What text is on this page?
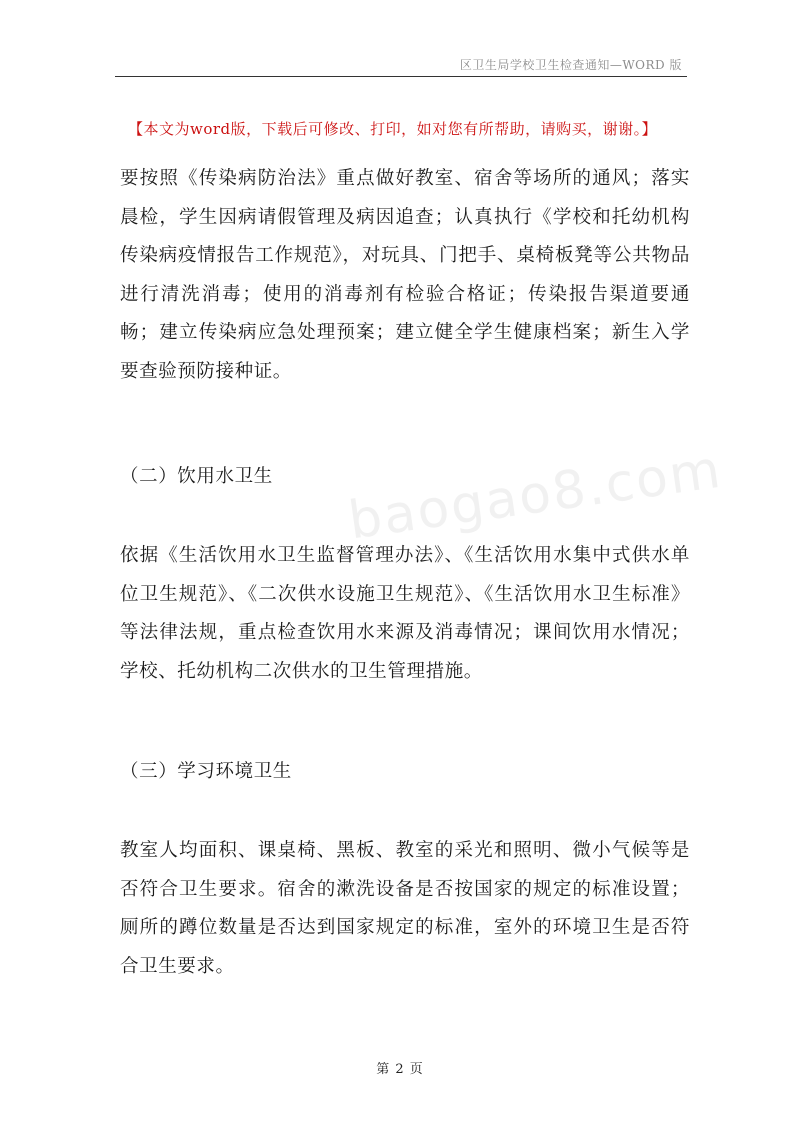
区卫生局学校卫生检查通知—WORD 版
【本文为word版，下载后可修改、打印，如对您有所帮助，请购买，谢谢。】
要按照《传染病防治法》重点做好教室、宿舍等场所的通风；落实晨检，学生因病请假管理及病因追查；认真执行《学校和托幼机构传染病疫情报告工作规范》，对玩具、门把手、桌椅板凳等公共物品进行清洗消毒；使用的消毒剂有检验合格证；传染报告渠道要通畅；建立传染病应急处理预案；建立健全学生健康档案；新生入学要查验预防接种证。
（二）饮用水卫生
依据《生活饮用水卫生监督管理办法》、《生活饮用水集中式供水单位卫生规范》、《二次供水设施卫生规范》、《生活饮用水卫生标准》等法律法规，重点检查饮用水来源及消毒情况；课间饮用水情况；学校、托幼机构二次供水的卫生管理措施。
（三）学习环境卫生
教室人均面积、课桌椅、黑板、教室的采光和照明、微小气候等是否符合卫生要求。宿舍的漱洗设备是否按国家的规定的标准设置；厕所的蹲位数量是否达到国家规定的标准，室外的环境卫生是否符合卫生要求。
baogao8.com
第 2 页
